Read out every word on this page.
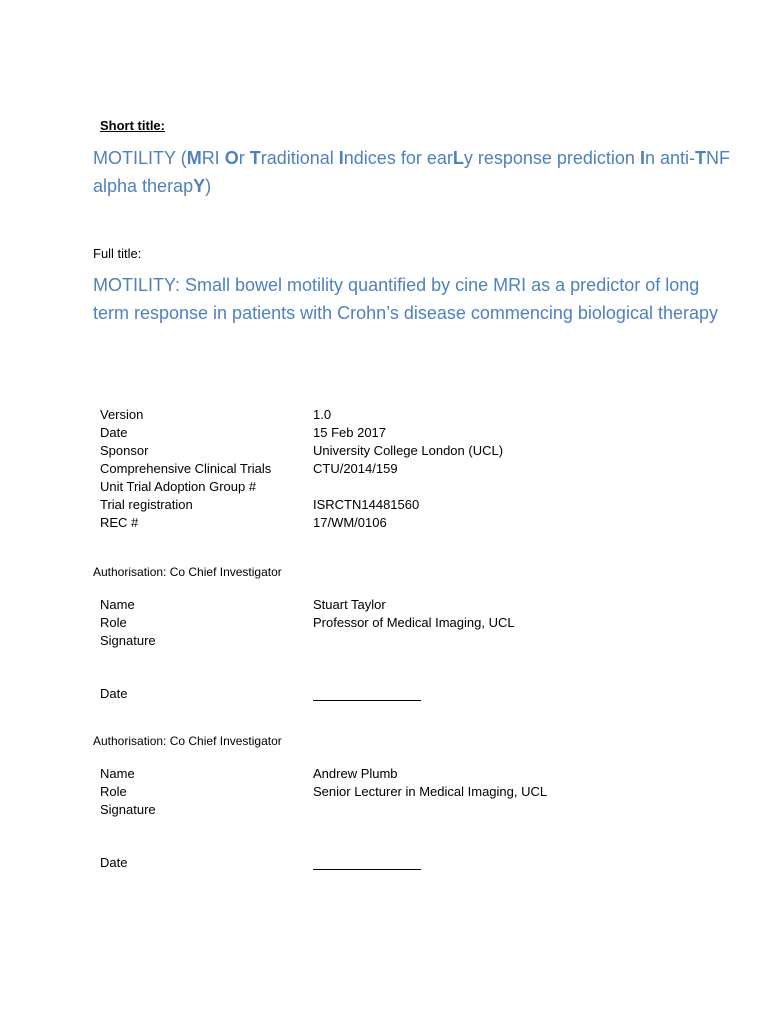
Short title:

MOTILITY (MRI Or Traditional Indices for earLy response prediction In anti-TNF alpha therapY)

Full title:

MOTILITY: Small bowel motility quantified by cine MRI as a predictor of long term response in patients with Crohn’s disease commencing biological therapy

Version	1.0
Date	15 Feb 2017
Sponsor	University College London (UCL)
Comprehensive Clinical Trials	CTU/2014/159
Unit Trial Adoption Group #
Trial registration	ISRCTN14481560
REC #	17/WM/0106
Authorisation: Co Chief Investigator
Name	Stuart Taylor
Role	Professor of Medical Imaging, UCL
Signature
Date
Authorisation: Co Chief Investigator
Name	Andrew Plumb
Role	Senior Lecturer in Medical Imaging, UCL
Signature
Date
